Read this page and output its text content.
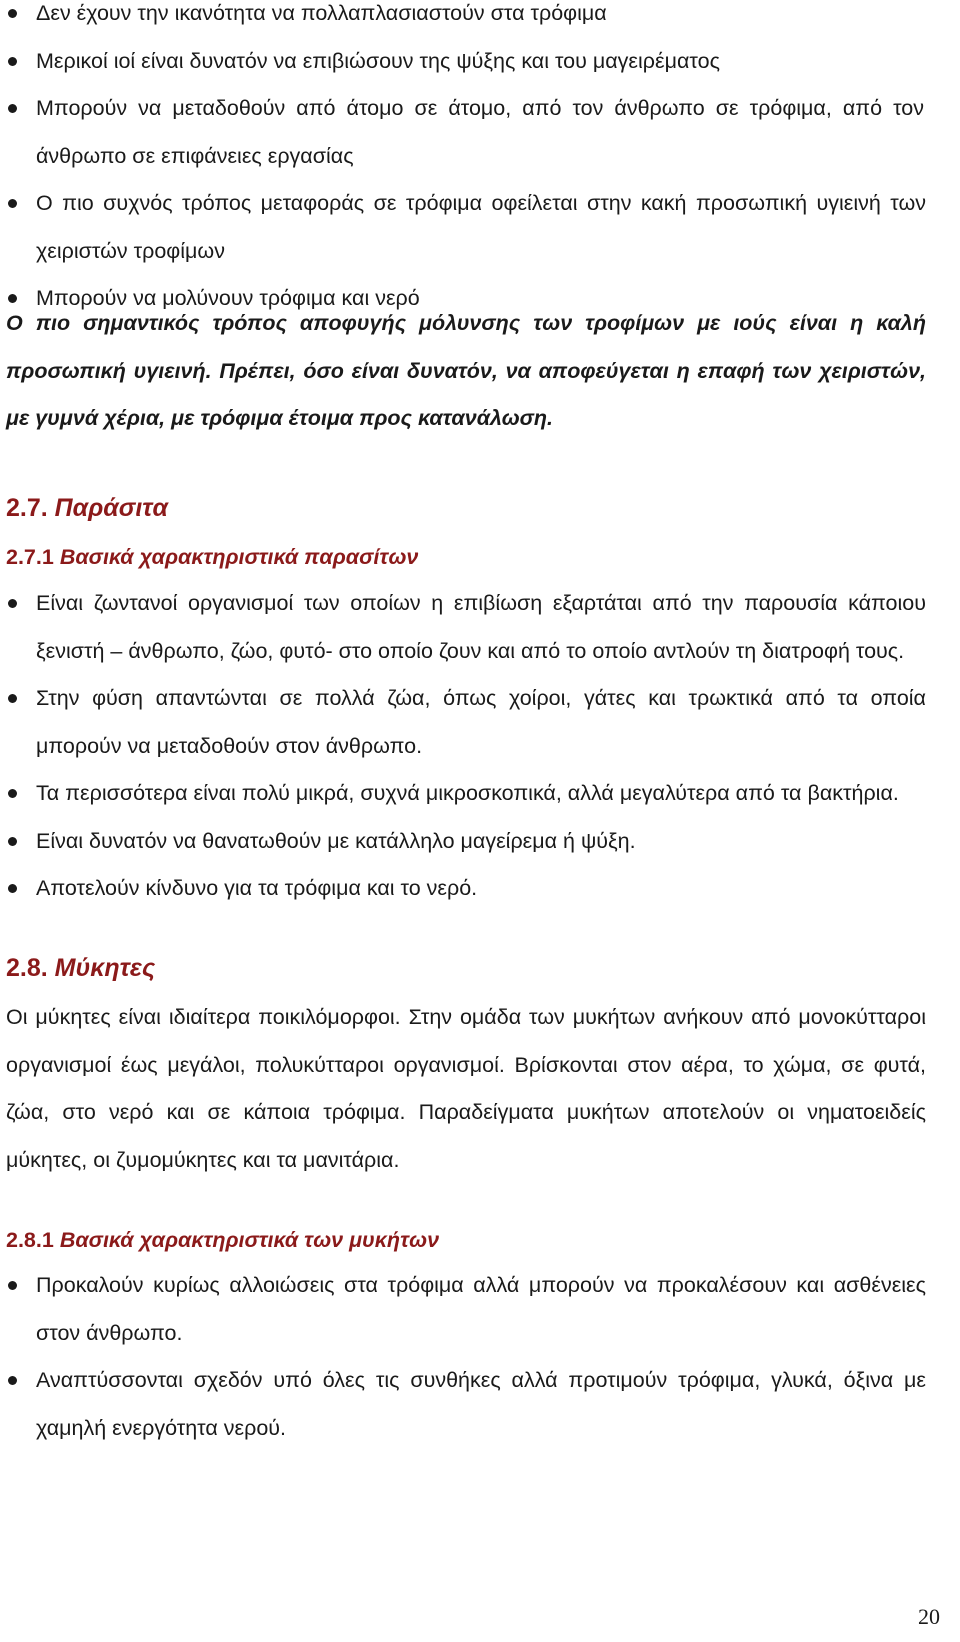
Δεν έχουν την ικανότητα να πολλαπλασιαστούν στα τρόφιμα
Μερικοί ιοί είναι δυνατόν να επιβιώσουν της ψύξης και του μαγειρέματος
Μπορούν να μεταδοθούν από άτομο σε άτομο, από τον άνθρωπο σε τρόφιμα, από τον άνθρωπο σε επιφάνειες εργασίας
Ο πιο συχνός τρόπος μεταφοράς σε τρόφιμα οφείλεται στην κακή προσωπική υγιεινή των χειριστών τροφίμων
Μπορούν να μολύνουν τρόφιμα και νερό

Ο πιο σημαντικός τρόπος αποφυγής μόλυνσης των τροφίμων με ιούς είναι η καλή προσωπική υγιεινή. Πρέπει, όσο είναι δυνατόν, να αποφεύγεται η επαφή των χειριστών, με γυμνά χέρια, με τρόφιμα έτοιμα προς κατανάλωση.

2.7. Παράσιτα

2.7.1 Βασικά χαρακτηριστικά παρασίτων

Είναι ζωντανοί οργανισμοί των οποίων η επιβίωση εξαρτάται από την παρουσία κάποιου ξενιστή – άνθρωπο, ζώο, φυτό- στο οποίο ζουν και από το οποίο αντλούν τη διατροφή τους.
Στην φύση απαντώνται σε πολλά ζώα, όπως χοίροι, γάτες και τρωκτικά από τα οποία μπορούν να μεταδοθούν στον άνθρωπο.
Τα περισσότερα είναι πολύ μικρά, συχνά μικροσκοπικά, αλλά μεγαλύτερα από τα βακτήρια.
Είναι δυνατόν να θανατωθούν με κατάλληλο μαγείρεμα ή ψύξη.
Αποτελούν κίνδυνο για τα τρόφιμα και το νερό.

2.8. Μύκητες

Οι μύκητες είναι ιδιαίτερα ποικιλόμορφοι. Στην ομάδα των μυκήτων ανήκουν από μονοκύτταροι οργανισμοί έως μεγάλοι, πολυκύτταροι οργανισμοί. Βρίσκονται στον αέρα, το χώμα, σε φυτά, ζώα, στο νερό και σε κάποια τρόφιμα. Παραδείγματα μυκήτων αποτελούν οι νηματοειδείς μύκητες, οι ζυμομύκητες και τα μανιτάρια.

2.8.1 Βασικά χαρακτηριστικά των μυκήτων

Προκαλούν κυρίως αλλοιώσεις στα τρόφιμα αλλά μπορούν να προκαλέσουν και ασθένειες στον άνθρωπο.
Αναπτύσσονται σχεδόν υπό όλες τις συνθήκες αλλά προτιμούν τρόφιμα, γλυκά, όξινα με χαμηλή ενεργότητα νερού.
20
